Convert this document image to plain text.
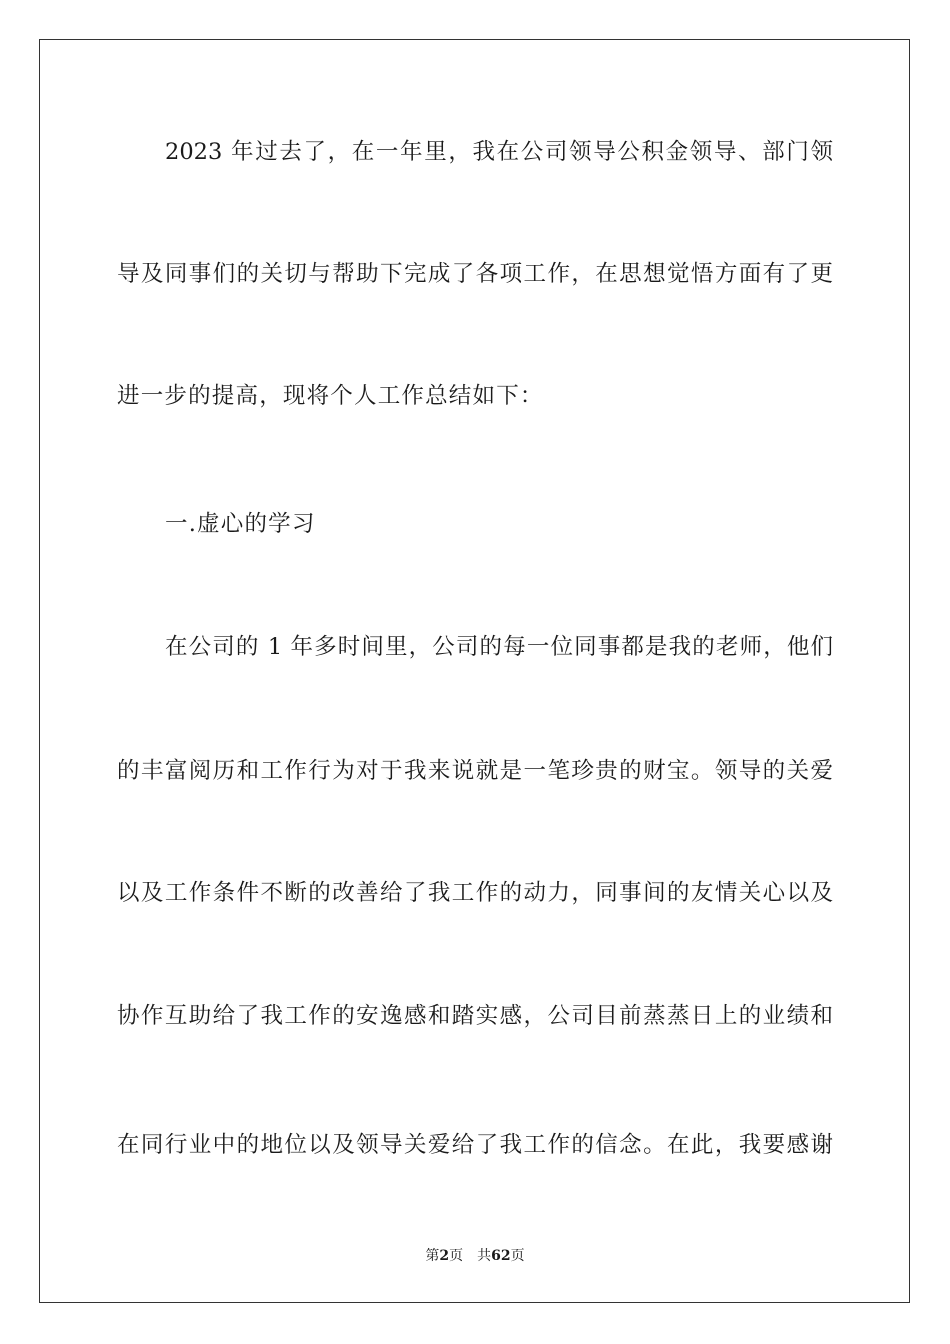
2023 年过去了，在一年里，我在公司领导公积金领导、部门领
导及同事们的关切与帮助下完成了各项工作，在思想觉悟方面有了更
进一步的提高，现将个人工作总结如下：
一.虚心的学习
在公司的 1 年多时间里，公司的每一位同事都是我的老师，他们
的丰富阅历和工作行为对于我来说就是一笔珍贵的财宝。领导的关爱
以及工作条件不断的改善给了我工作的动力，同事间的友情关心以及
协作互助给了我工作的安逸感和踏实感，公司目前蒸蒸日上的业绩和
在同行业中的地位以及领导关爱给了我工作的信念。在此，我要感谢
第2页 共62页
